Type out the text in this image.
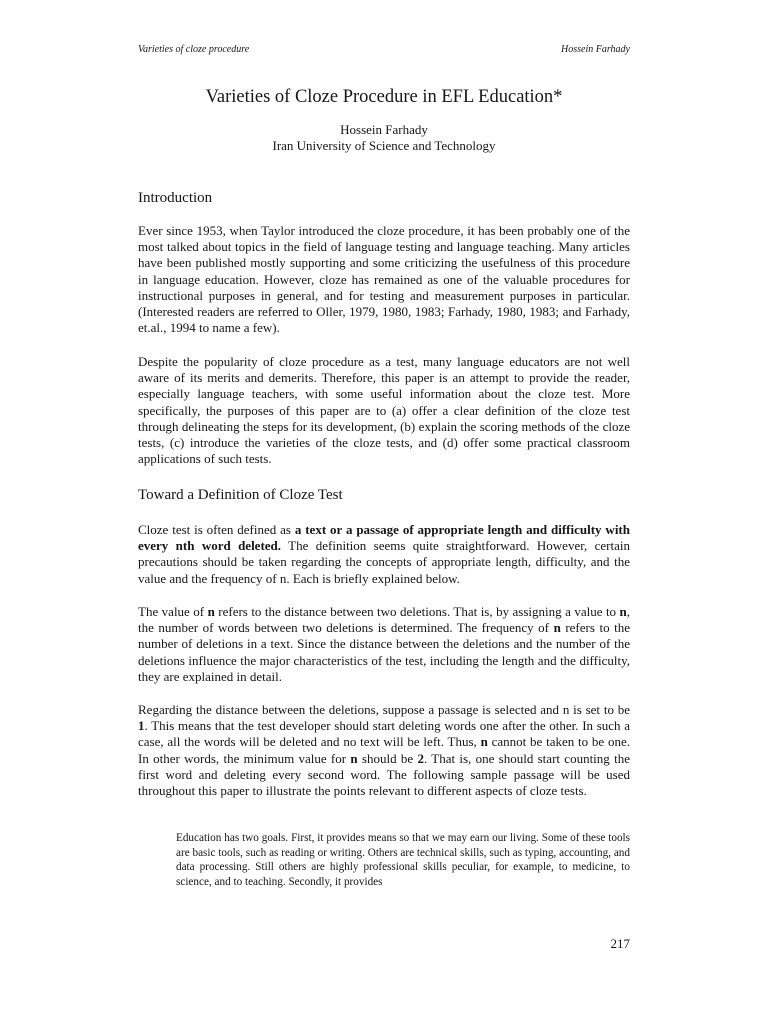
Varieties of cloze procedure	Hossein Farhady
Varieties of Cloze Procedure in EFL Education*
Hossein Farhady
Iran University of Science and Technology
Introduction

Ever since 1953, when Taylor introduced the cloze procedure, it has been probably one of the most talked about topics in the field of language testing and language teaching. Many articles have been published mostly supporting and some criticizing the usefulness of this procedure in language education. However, cloze has remained as one of the valuable procedures for instructional purposes in general, and for testing and measurement purposes in particular. (Interested readers are referred to Oller, 1979, 1980, 1983; Farhady, 1980, 1983; and Farhady, et.al., 1994 to name a few).

Despite the popularity of cloze procedure as a test, many language educators are not well aware of its merits and demerits. Therefore, this paper is an attempt to provide the reader, especially language teachers, with some useful information about the cloze test. More specifically, the purposes of this paper are to (a) offer a clear definition of the cloze test through delineating the steps for its development, (b) explain the scoring methods of the cloze tests, (c) introduce the varieties of the cloze tests, and (d) offer some practical classroom applications of such tests.

Toward a Definition of Cloze Test

Cloze test is often defined as a text or a passage of appropriate length and difficulty with every nth word deleted. The definition seems quite straightforward. However, certain precautions should be taken regarding the concepts of appropriate length, difficulty, and the value and the frequency of n. Each is briefly explained below.

The value of n refers to the distance between two deletions. That is, by assigning a value to n, the number of words between two deletions is determined. The frequency of n refers to the number of deletions in a text. Since the distance between the deletions and the number of the deletions influence the major characteristics of the test, including the length and the difficulty, they are explained in detail.

Regarding the distance between the deletions, suppose a passage is selected and n is set to be 1. This means that the test developer should start deleting words one after the other. In such a case, all the words will be deleted and no text will be left. Thus, n cannot be taken to be one. In other words, the minimum value for n should be 2. That is, one should start counting the first word and deleting every second word. The following sample passage will be used throughout this paper to illustrate the points relevant to different aspects of cloze tests.

Education has two goals. First, it provides means so that we may earn our living. Some of these tools are basic tools, such as reading or writing. Others are technical skills, such as typing, accounting, and data processing. Still others are highly professional skills peculiar, for example, to medicine, to science, and to teaching. Secondly, it provides

217
